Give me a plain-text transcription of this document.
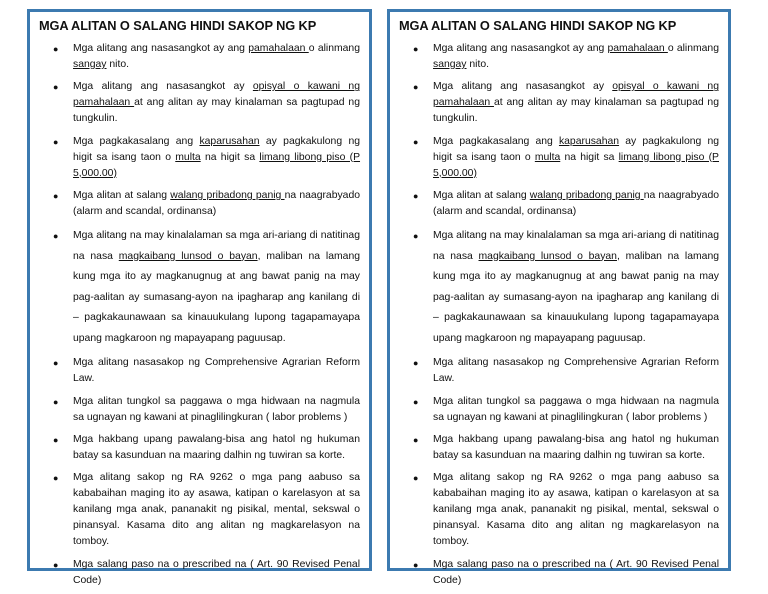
MGA ALITAN O SALANG HINDI SAKOP NG KP
● Mga alitang ang nasasangkot ay ang pamahalaan o alinmang sangay nito.
● Mga alitang ang nasasangkot ay opisyal o kawani ng pamahalaan at ang alitan ay may kinalaman sa pagtupad ng tungkulin.
● Mga pagkakasalang ang kaparusahan ay pagkakulong ng higit sa isang taon o multa na higit sa limang libong piso (P 5,000.00)
● Mga alitan at salang walang pribadong panig na naagrabyado (alarm and scandal, ordinansa)
● Mga alitang na may kinalalaman sa mga ari-ariang di natitinag na nasa magkaibang lunsod o bayan, maliban na lamang kung mga ito ay magkanugnug at ang bawat panig na may pag-aalitan ay sumasang-ayon na ipagharap ang kanilang di – pagkakaunawaan sa kinauukulang lupong tagapamayapa upang magkaroon ng mapayapang paguusap.
● Mga alitang nasasakop ng Comprehensive Agrarian Reform Law.
● Mga alitan tungkol sa paggawa o mga hidwaan na nagmula sa ugnayan ng kawani at pinaglilingkuran ( labor problems )
● Mga hakbang upang pawalang-bisa ang hatol ng hukuman batay sa kasunduan na maaring dalhin ng tuwiran sa korte.
● Mga alitang sakop ng RA 9262 o mga pang aabuso sa kababaihan maging ito ay asawa, katipan o karelasyon at sa kanilang mga anak, pananakit ng pisikal, mental, sekswal o pinansyal. Kasama dito ang alitan ng magkarelasyon na tomboy.
● Mga salang paso na o prescribed na ( Art. 90 Revised Penal Code)
MGA ALITAN O SALANG HINDI SAKOP NG KP
● Mga alitang ang nasasangkot ay ang pamahalaan o alinmang sangay nito.
● Mga alitang ang nasasangkot ay opisyal o kawani ng pamahalaan at ang alitan ay may kinalaman sa pagtupad ng tungkulin.
● Mga pagkakasalang ang kaparusahan ay pagkakulong ng higit sa isang taon o multa na higit sa limang libong piso (P 5,000.00)
● Mga alitan at salang walang pribadong panig na naagrabyado (alarm and scandal, ordinansa)
● Mga alitang na may kinalalaman sa mga ari-ariang di natitinag na nasa magkaibang lunsod o bayan, maliban na lamang kung mga ito ay magkanugnug at ang bawat panig na may pag-aalitan ay sumasang-ayon na ipagharap ang kanilang di – pagkakaunawaan sa kinauukulang lupong tagapamayapa upang magkaroon ng mapayapang paguusap.
● Mga alitang nasasakop ng Comprehensive Agrarian Reform Law.
● Mga alitan tungkol sa paggawa o mga hidwaan na nagmula sa ugnayan ng kawani at pinaglilingkuran ( labor problems )
● Mga hakbang upang pawalang-bisa ang hatol ng hukuman batay sa kasunduan na maaring dalhin ng tuwiran sa korte.
● Mga alitang sakop ng RA 9262 o mga pang aabuso sa kababaihan maging ito ay asawa, katipan o karelasyon at sa kanilang mga anak, pananakit ng pisikal, mental, sekswal o pinansyal. Kasama dito ang alitan ng magkarelasyon na tomboy.
● Mga salang paso na o prescribed na ( Art. 90 Revised Penal Code)
